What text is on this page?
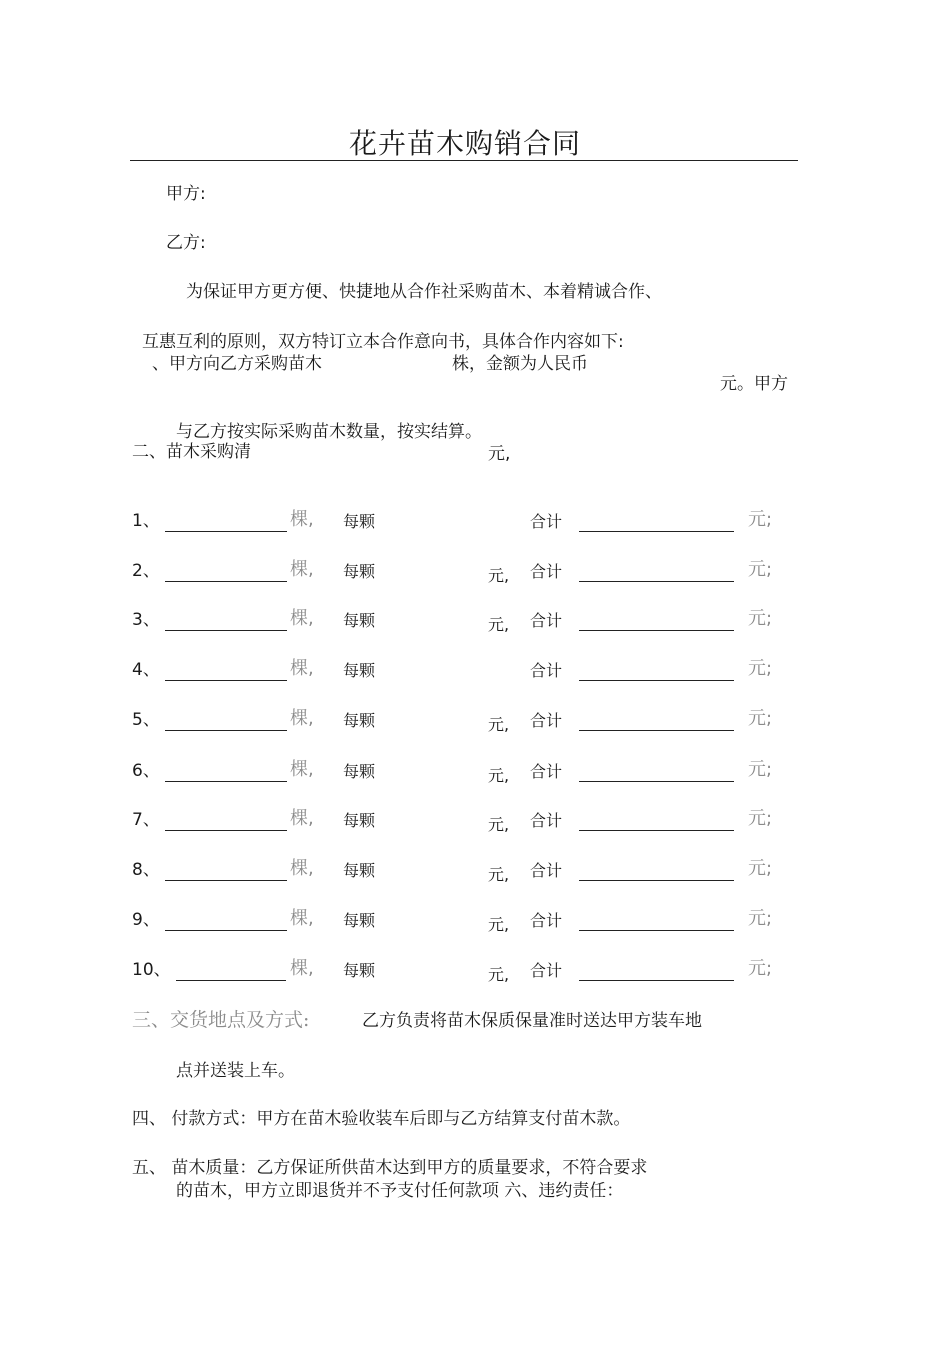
花卉苗木购销合同
甲方:
乙方:
为保证甲方更方便、快捷地从合作社采购苗木、本着精诚合作、
互惠互利的原则，双方特订立本合作意向书，具体合作内容如下:
、甲方向乙方采购苗木	株，金额为人民币
元。甲方
与乙方按实际采购苗木数量，按实结算。
二、苗木采购清	元,
1、	棵, 每颗	合计	元;
2、	棵, 每颗	元, 合计	元;
3、	棵, 每颗	元, 合计	元;
4、	棵, 每颗	合计	元;
5、	棵, 每颗	元, 合计	元;
6、	棵, 每颗	元, 合计	元;
7、	棵, 每颗	元, 合计	元;
8、	棵, 每颗	元, 合计	元;
9、	棵, 每颗	元, 合计	元;
10、	棵, 每颗	元, 合计	元;
三、交货地点及方式:	乙方负责将苗木保质保量准时送达甲方装车地
点并送装上车。
四、 付款方式：甲方在苗木验收装车后即与乙方结算支付苗木款。
五、 苗木质量：乙方保证所供苗木达到甲方的质量要求，不符合要求
的苗木，甲方立即退货并不予支付任何款项 六、违约责任：
